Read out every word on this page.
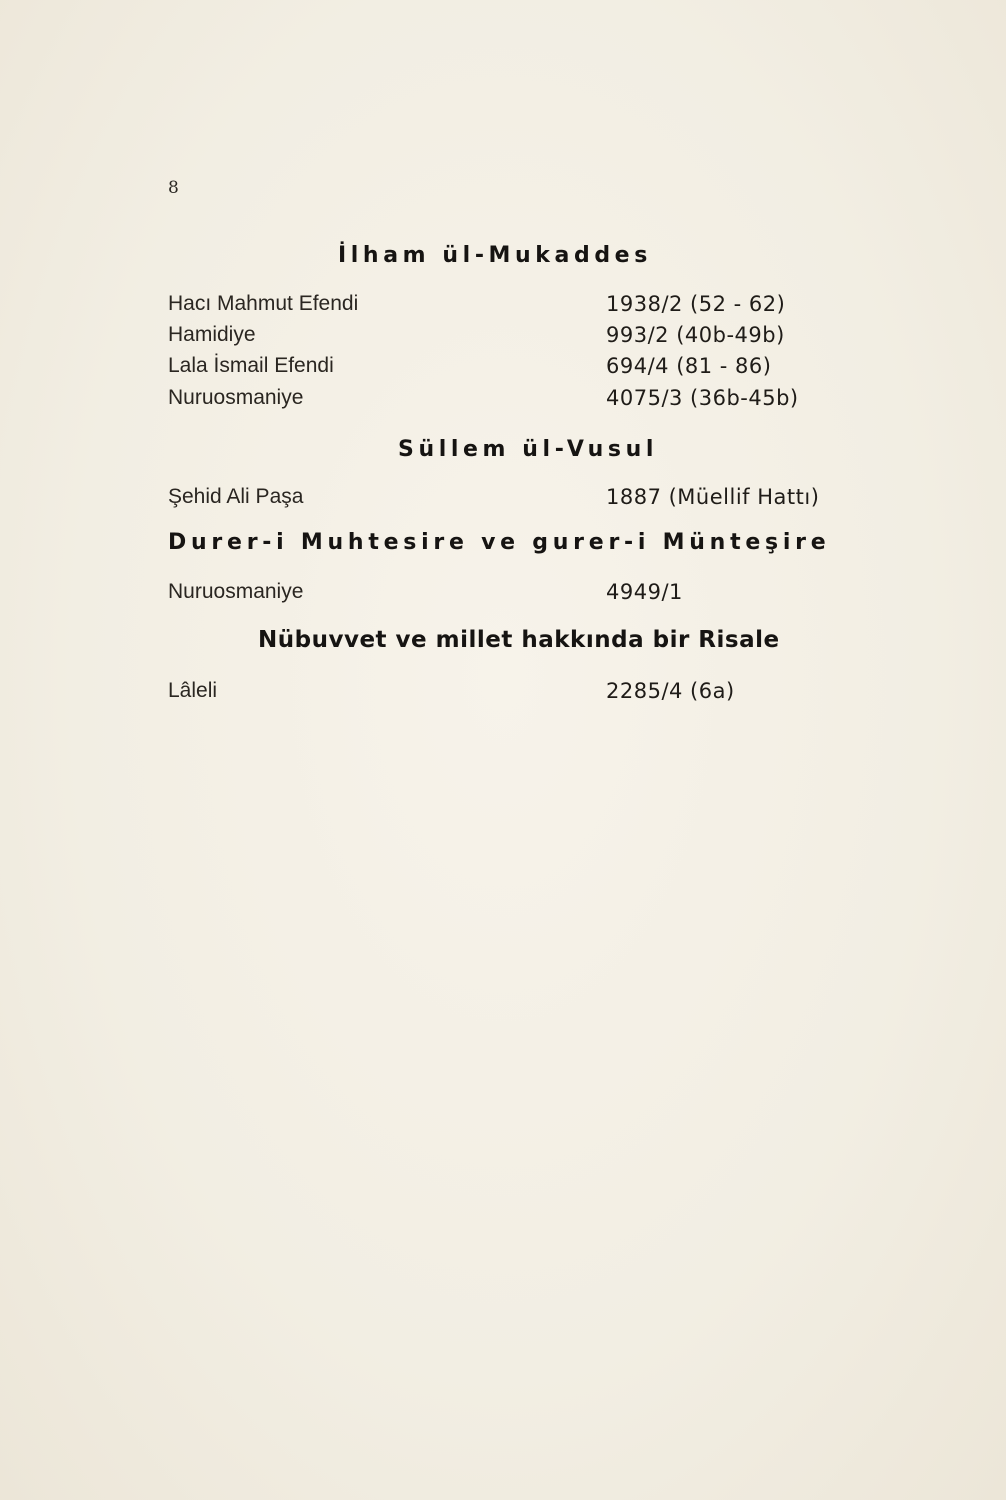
8
İlham ül-Mukaddes
Hacı Mahmut Efendi	1938/2 (52 - 62)
Hamidiye	993/2 (40b-49b)
Lala İsmail Efendi	694/4 (81 - 86)
Nuruosmaniye	4075/3 (36b-45b)
Süllem ül-Vusul
Şehid Ali Paşa	1887 (Müellif Hattı)
Durer-i Muhtesire ve gurer-i Münteşire
Nuruosmaniye	4949/1
Nübuvvet ve millet hakkında bir Risale
Lâleli	2285/4 (6a)
